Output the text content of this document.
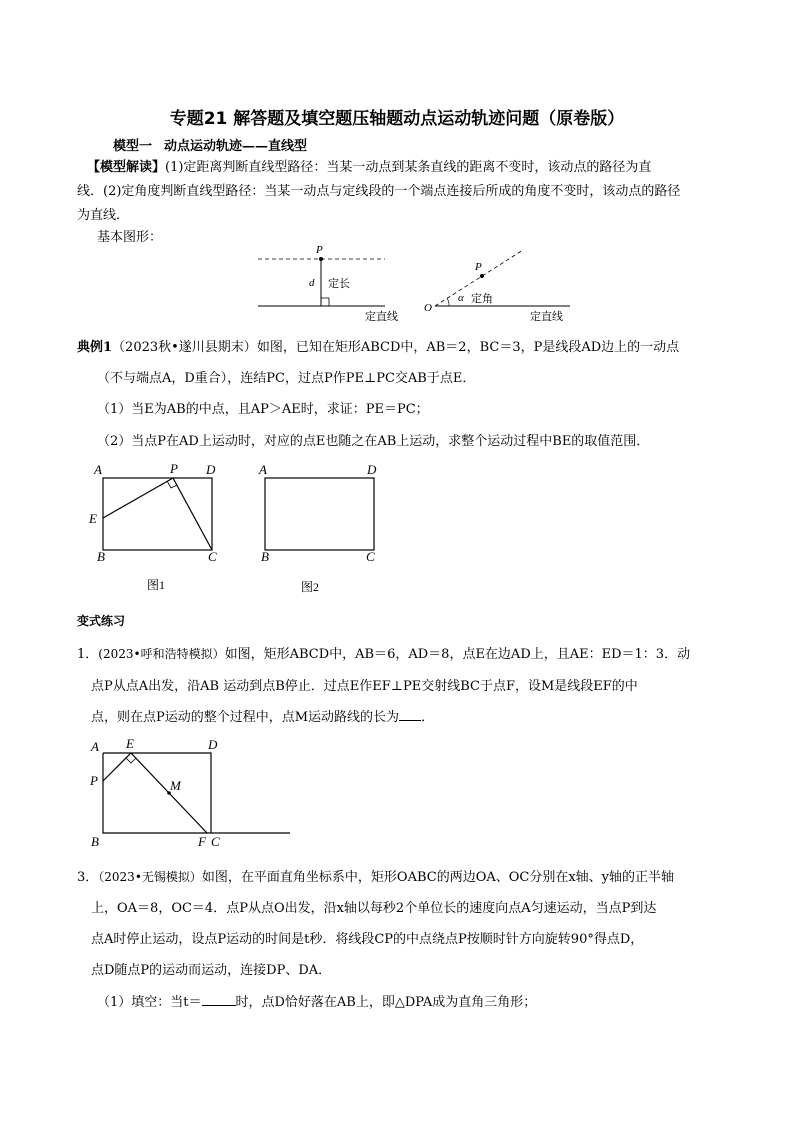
专题21 解答题及填空题压轴题动点运动轨迹问题（原卷版）
模型一 动点运动轨迹——直线型
【模型解读】(1)定距离判断直线型路径：当某一动点到某条直线的距离不变时，该动点的路径为直
线．(2)定角度判断直线型路径：当某一动点与定线段的一个端点连接后所成的角度不变时，该动点的路径
为直线．
基本图形：
P
d 定长
定直线
P
O
α 定角
定直线
典例1（2023秋•遂川县期末）如图，已知在矩形ABCD中，AB＝2，BC＝3，P是线段AD边上的一动点
（不与端点A，D重合），连结PC，过点P作PE⊥PC交AB于点E．
（1）当E为AB的中点，且AP＞AE时，求证：PE＝PC；
（2）当点P在AD上运动时，对应的点E也随之在AB上运动，求整个运动过程中BE的取值范围．
A	P D
E
B	C
图1
A	D
B	C
图2
变式练习
1．(2023•呼和浩特模拟）如图，矩形ABCD中，AB＝6，AD＝8，点E在边AD上，且AE：ED＝1：3．动
点P从点A出发，沿AB 运动到点B停止．过点E作EF⊥PE交射线BC于点F，设M是线段EF的中
点，则在点P运动的整个过程中，点M运动路线的长为 ．
A E	D
P	M
B	F C
3．（2023•无锡模拟）如图，在平面直角坐标系中，矩形OABC的两边OA、OC分别在x轴、y轴的正半轴
上，OA＝8，OC＝4．点P从点O出发，沿x轴以每秒2个单位长的速度向点A匀速运动，当点P到达
点A时停止运动，设点P运动的时间是t秒．将线段CP的中点绕点P按顺时针方向旋转90°得点D，
点D随点P的运动而运动，连接DP、DA．
（1）填空：当t＝	时，点D恰好落在AB上，即△DPA成为直角三角形；
